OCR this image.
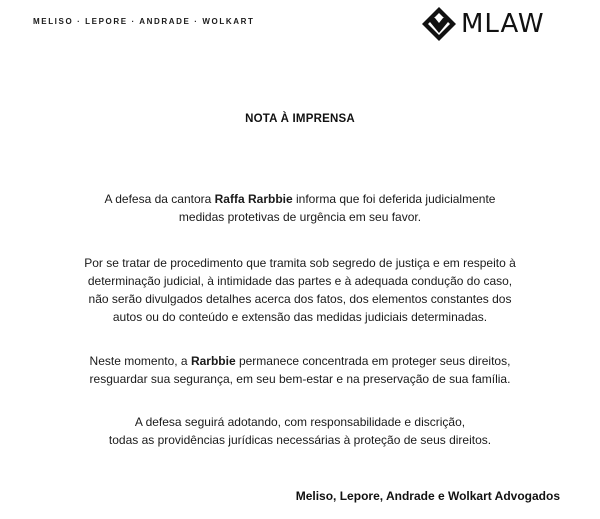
MELISO · LEPORE · ANDRADE · WOLKART	MLAW
NOTA À IMPRENSA
A defesa da cantora Raffa Rarbbie informa que foi deferida judicialmente
medidas protetivas de urgência em seu favor.
Por se tratar de procedimento que tramita sob segredo de justiça e em respeito à
determinação judicial, à intimidade das partes e à adequada condução do caso,
não serão divulgados detalhes acerca dos fatos, dos elementos constantes dos
autos ou do conteúdo e extensão das medidas judiciais determinadas.
Neste momento, a Rarbbie permanece concentrada em proteger seus direitos,
resguardar sua segurança, em seu bem-estar e na preservação de sua família.
A defesa seguirá adotando, com responsabilidade e discrição,
todas as providências jurídicas necessárias à proteção de seus direitos.
Meliso, Lepore, Andrade e Wolkart Advogados
